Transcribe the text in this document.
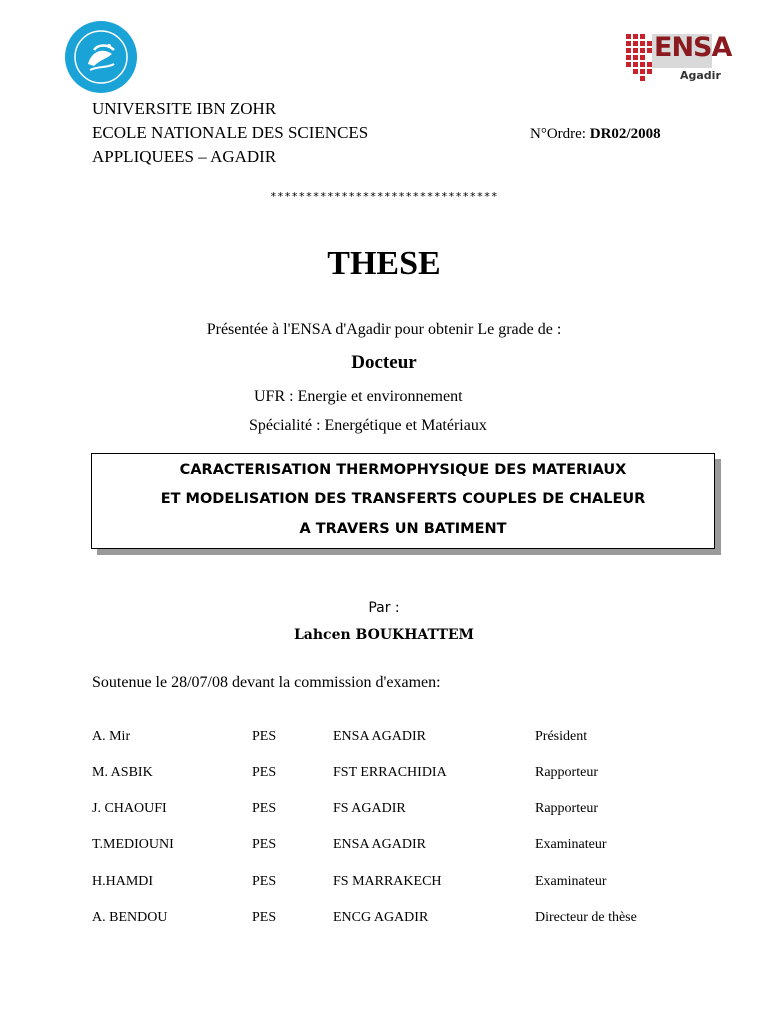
ENSA
Agadir
UNIVERSITE IBN ZOHR
ECOLE NATIONALE DES SCIENCES
APPLIQUEES – AGADIR
N°Ordre: DR02/2008
********************************
THESE
Présentée à l'ENSA d'Agadir pour obtenir Le grade de :
Docteur
UFR : Energie et environnement
Spécialité : Energétique et Matériaux
CARACTERISATION THERMOPHYSIQUE DES MATERIAUX
ET MODELISATION DES TRANSFERTS COUPLES DE CHALEUR
A TRAVERS UN BATIMENT
Par :
Lahcen BOUKHATTEM
Soutenue le 28/07/08 devant la commission d'examen:
A. Mir	PES	ENSA AGADIR	Président
M. ASBIK	PES	FST ERRACHIDIA	Rapporteur
J. CHAOUFI	PES	FS AGADIR	Rapporteur
T.MEDIOUNI	PES	ENSA AGADIR	Examinateur
H.HAMDI	PES	FS MARRAKECH	Examinateur
A. BENDOU	PES	ENCG AGADIR	Directeur de thèse
